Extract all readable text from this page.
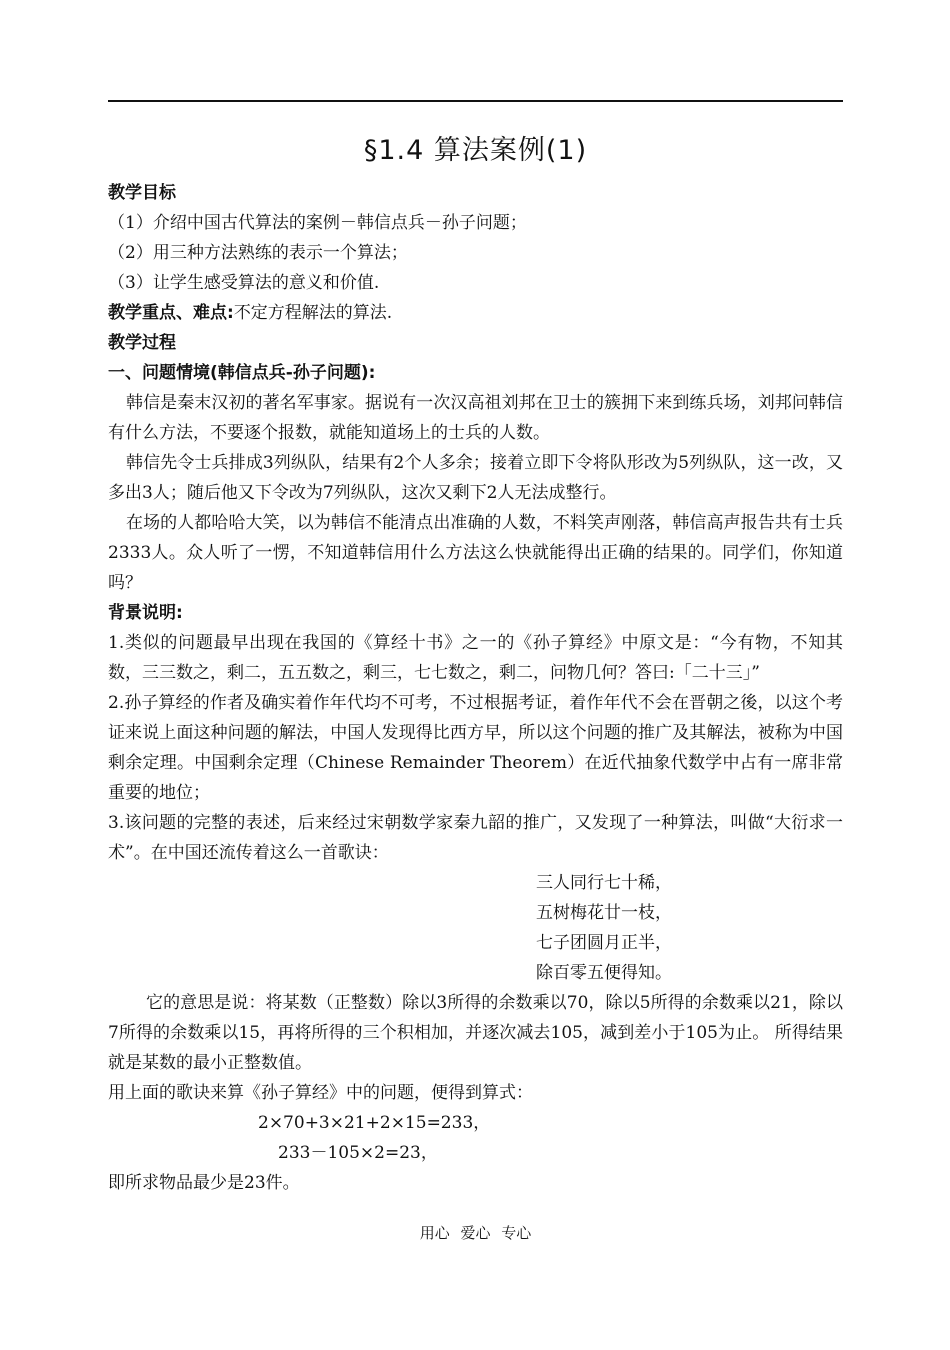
§1.4 算法案例(1)
教学目标
（1）介绍中国古代算法的案例－韩信点兵－孙子问题；
（2）用三种方法熟练的表示一个算法；
（3）让学生感受算法的意义和价值.
教学重点、难点:不定方程解法的算法.
教学过程
一、问题情境(韩信点兵-孙子问题):
韩信是秦末汉初的著名军事家。据说有一次汉高祖刘邦在卫士的簇拥下来到练兵场，刘邦问韩信有什么方法，不要逐个报数，就能知道场上的士兵的人数。
韩信先令士兵排成3列纵队，结果有2个人多余；接着立即下令将队形改为5列纵队，这一改，又多出3人；随后他又下令改为7列纵队，这次又剩下2人无法成整行。
在场的人都哈哈大笑，以为韩信不能清点出准确的人数，不料笑声刚落，韩信高声报告共有士兵2333人。众人听了一愣，不知道韩信用什么方法这么快就能得出正确的结果的。同学们，你知道吗？
背景说明:
1.类似的问题最早出现在我国的《算经十书》之一的《孙子算经》中原文是：“今有物，不知其数，三三数之，剩二，五五数之，剩三，七七数之，剩二，问物几何？答曰:「二十三」”
2.孙子算经的作者及确实着作年代均不可考，不过根据考证，着作年代不会在晋朝之後，以这个考证来说上面这种问题的解法，中国人发现得比西方早，所以这个问题的推广及其解法，被称为中国剩余定理。中国剩余定理（Chinese Remainder Theorem）在近代抽象代数学中占有一席非常重要的地位；
3.该问题的完整的表述，后来经过宋朝数学家秦九韶的推广，又发现了一种算法，叫做“大衍求一术”。在中国还流传着这么一首歌诀：
三人同行七十稀，
五树梅花廿一枝，
七子团圆月正半，
除百零五便得知。
它的意思是说：将某数（正整数）除以3所得的余数乘以70，除以5所得的余数乘以21，除以7所得的余数乘以15，再将所得的三个积相加，并逐次减去105，减到差小于105为止。 所得结果就是某数的最小正整数值。
用上面的歌诀来算《孙子算经》中的问题，便得到算式：
2×70+3×21+2×15=233，
233－105×2=23，
即所求物品最少是23件。
用心 爱心 专心
